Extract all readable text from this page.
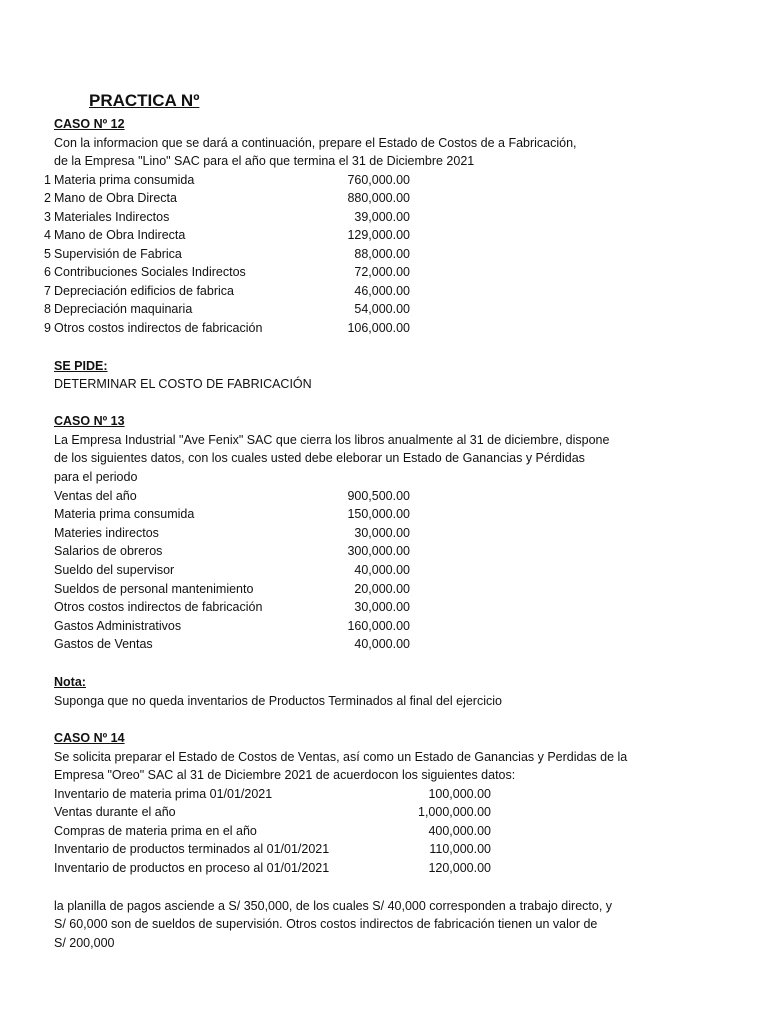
PRACTICA Nº
CASO Nº 12
Con la informacion que se dará a continuación, prepare el Estado de Costos de a Fabricación,
de la Empresa "Lino" SAC para el año que termina el 31 de Diciembre 2021
1 Materia prima consumida	760,000.00
2 Mano de Obra Directa	880,000.00
3 Materiales Indirectos	39,000.00
4 Mano de Obra Indirecta	129,000.00
5 Supervisión de Fabrica	88,000.00
6 Contribuciones Sociales Indirectos	72,000.00
7 Depreciación edificios de fabrica	46,000.00
8 Depreciación maquinaria	54,000.00
9 Otros costos indirectos de fabricación	106,000.00
SE PIDE:
DETERMINAR EL COSTO DE FABRICACIÓN
CASO Nº 13
La Empresa Industrial "Ave Fenix" SAC que cierra los libros anualmente al 31 de diciembre, dispone
de los siguientes datos, con los cuales usted debe eleborar un Estado de Ganancias y Pérdidas
para el periodo
Ventas del año	900,500.00
Materia prima consumida	150,000.00
Materies indirectos	30,000.00
Salarios de obreros	300,000.00
Sueldo del supervisor	40,000.00
Sueldos de personal mantenimiento	20,000.00
Otros costos indirectos de fabricación	30,000.00
Gastos Administrativos	160,000.00
Gastos de Ventas	40,000.00
Nota:
Suponga que no queda inventarios de Productos Terminados al final del ejercicio
CASO Nº 14
Se solicita preparar el Estado de Costos de Ventas, así como un Estado de Ganancias y Perdidas de la
Empresa "Oreo" SAC al 31 de Diciembre 2021 de acuerdocon los siguientes datos:
Inventario de materia prima 01/01/2021	100,000.00
Ventas durante el año	1,000,000.00
Compras de materia prima en el año	400,000.00
Inventario de productos terminados al 01/01/2021	110,000.00
Inventario de productos en proceso al 01/01/2021	120,000.00
la planilla de pagos asciende a S/ 350,000, de los cuales S/ 40,000 corresponden a trabajo directo, y
S/ 60,000 son de sueldos de supervisión. Otros costos indirectos de fabricación tienen un valor de
S/ 200,000
